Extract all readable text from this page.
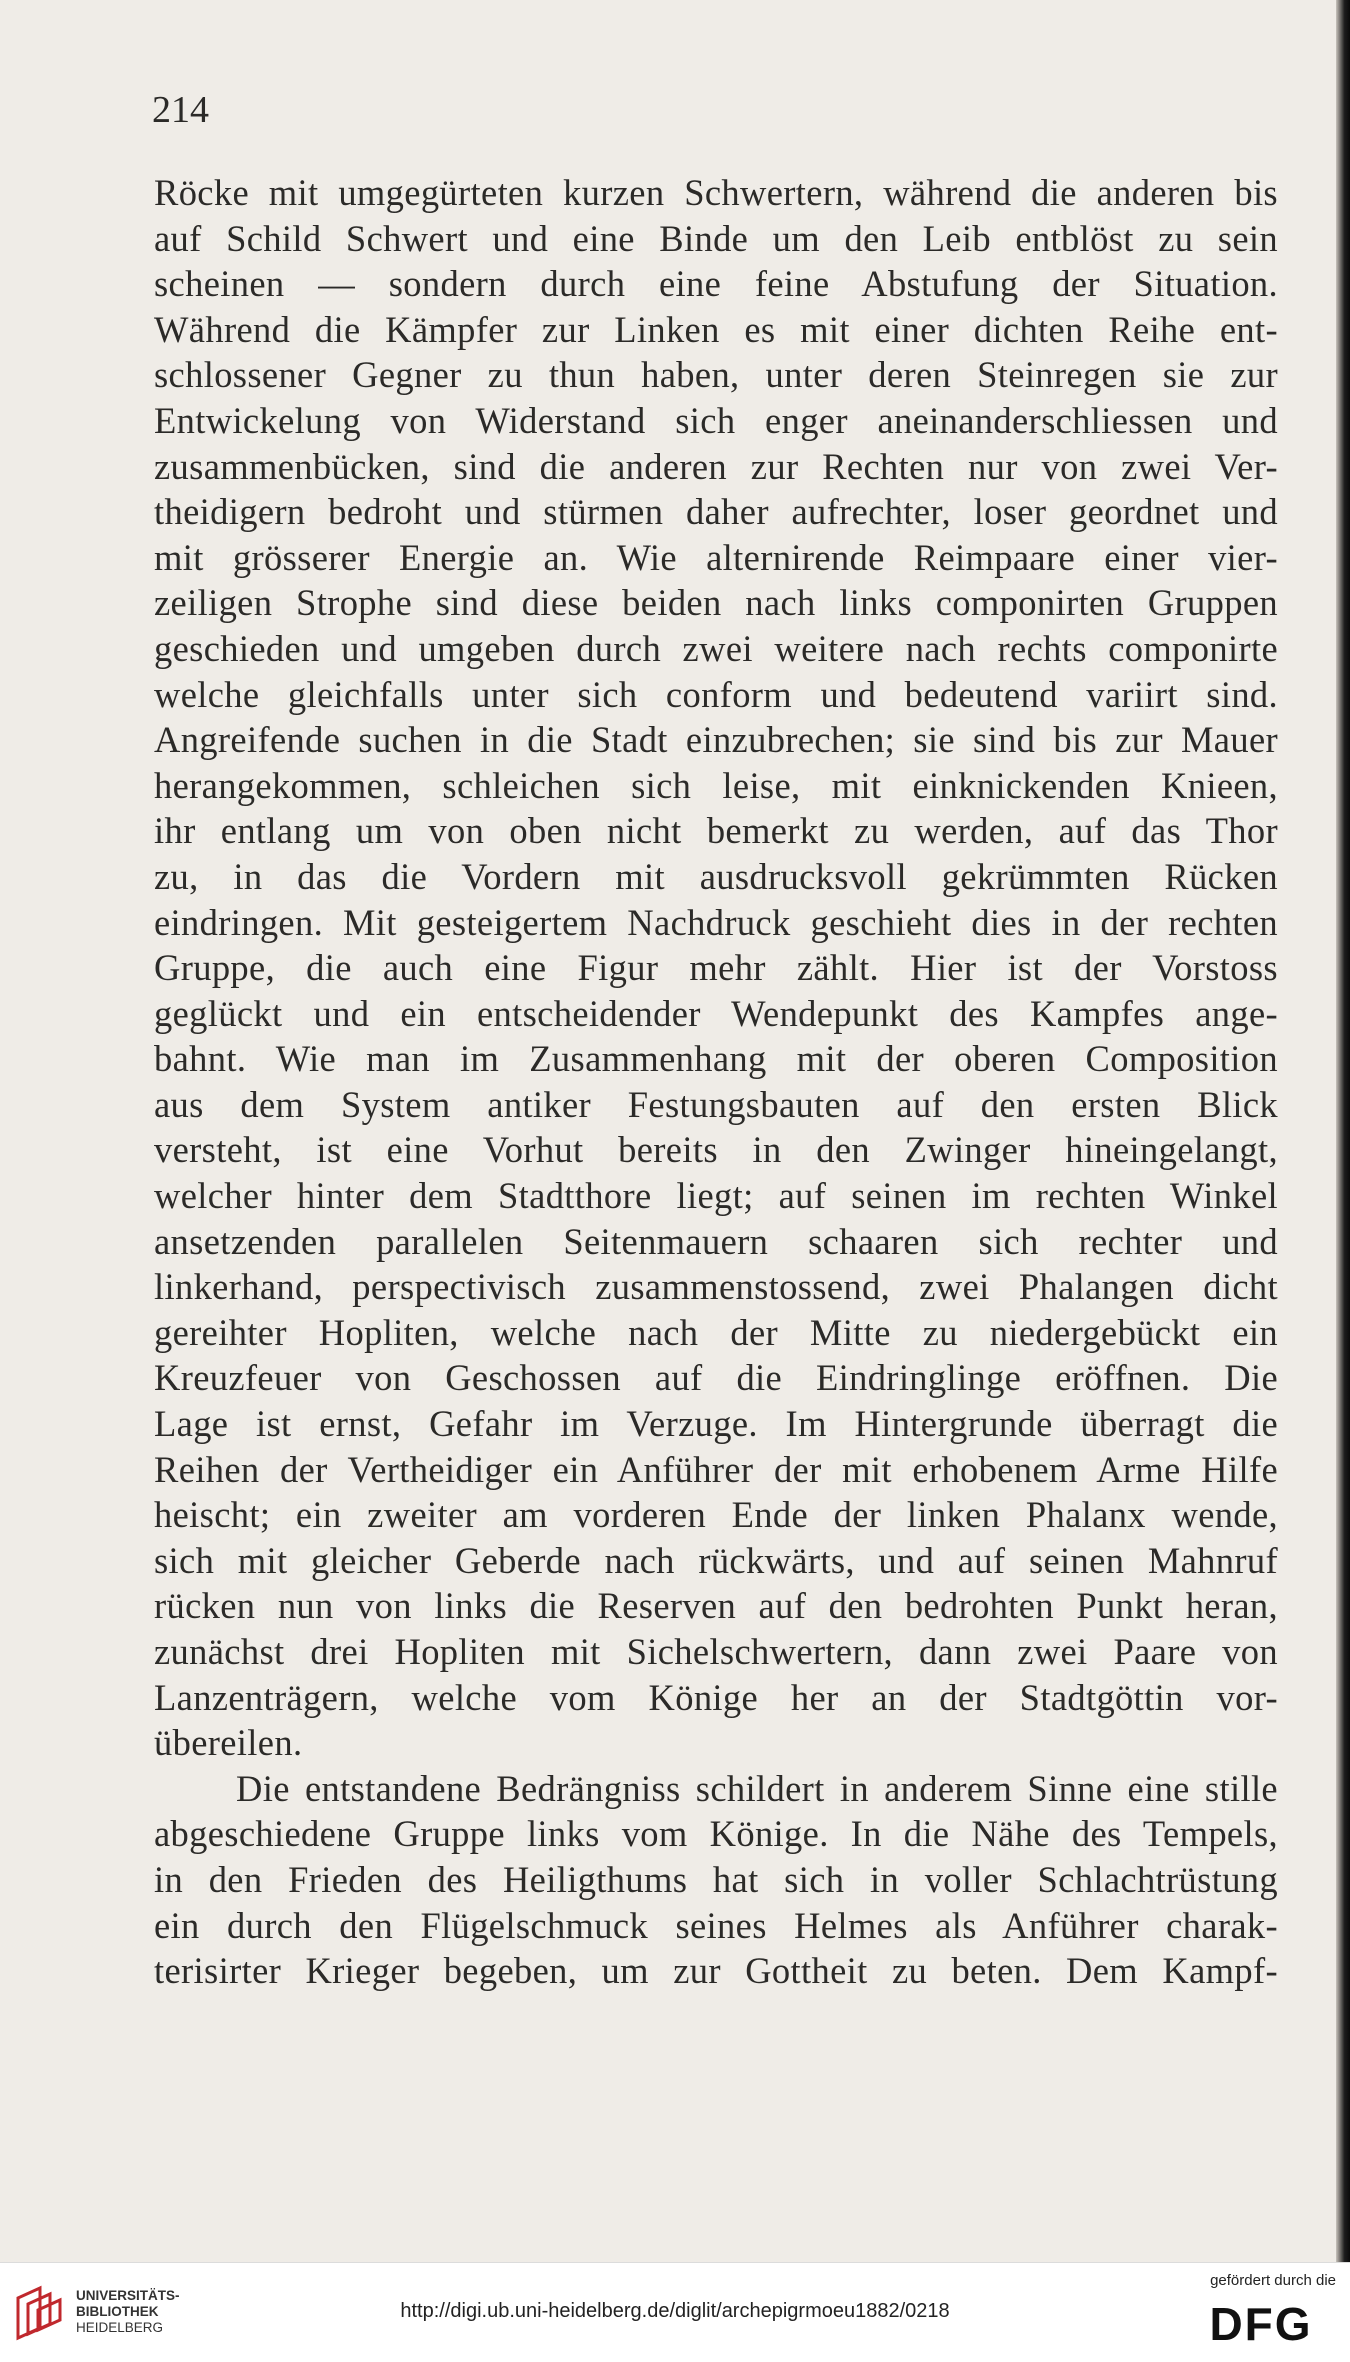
214
Röcke mit umgegürteten kurzen Schwertern, während die anderen bis
auf Schild Schwert und eine Binde um den Leib entblöst zu sein
scheinen — sondern durch eine feine Abstufung der Situation.
Während die Kämpfer zur Linken es mit einer dichten Reihe ent-
schlossener Gegner zu thun haben, unter deren Steinregen sie zur
Entwickelung von Widerstand sich enger aneinanderschliessen und
zusammenbücken, sind die anderen zur Rechten nur von zwei Ver-
theidigern bedroht und stürmen daher aufrechter, loser geordnet und
mit grösserer Energie an. Wie alternirende Reimpaare einer vier-
zeiligen Strophe sind diese beiden nach links componirten Gruppen
geschieden und umgeben durch zwei weitere nach rechts componirte
welche gleichfalls unter sich conform und bedeutend variirt sind.
Angreifende suchen in die Stadt einzubrechen; sie sind bis zur Mauer
herangekommen, schleichen sich leise, mit einknickenden Knieen,
ihr entlang um von oben nicht bemerkt zu werden, auf das Thor
zu, in das die Vordern mit ausdrucksvoll gekrümmten Rücken
eindringen. Mit gesteigertem Nachdruck geschieht dies in der rechten
Gruppe, die auch eine Figur mehr zählt. Hier ist der Vorstoss
geglückt und ein entscheidender Wendepunkt des Kampfes ange-
bahnt. Wie man im Zusammenhang mit der oberen Composition
aus dem System antiker Festungsbauten auf den ersten Blick
versteht, ist eine Vorhut bereits in den Zwinger hineingelangt,
welcher hinter dem Stadtthore liegt; auf seinen im rechten Winkel
ansetzenden parallelen Seitenmauern schaaren sich rechter und
linkerhand, perspectivisch zusammenstossend, zwei Phalangen dicht
gereihter Hopliten, welche nach der Mitte zu niedergebückt ein
Kreuzfeuer von Geschossen auf die Eindringlinge eröffnen. Die
Lage ist ernst, Gefahr im Verzuge. Im Hintergrunde überragt die
Reihen der Vertheidiger ein Anführer der mit erhobenem Arme Hilfe
heischt; ein zweiter am vorderen Ende der linken Phalanx wende,
sich mit gleicher Geberde nach rückwärts, und auf seinen Mahnruf
rücken nun von links die Reserven auf den bedrohten Punkt heran,
zunächst drei Hopliten mit Sichelschwertern, dann zwei Paare von
Lanzenträgern, welche vom Könige her an der Stadtgöttin vor-
übereilen.
Die entstandene Bedrängniss schildert in anderem Sinne eine stille
abgeschiedene Gruppe links vom Könige. In die Nähe des Tempels,
in den Frieden des Heiligthums hat sich in voller Schlachtrüstung
ein durch den Flügelschmuck seines Helmes als Anführer charak-
terisirter Krieger begeben, um zur Gottheit zu beten. Dem Kampf-
UNIVERSITÄTS-
BIBLIOTHEK
HEIDELBERG
http://digi.ub.uni-heidelberg.de/diglit/archepigrmoeu1882/0218
gefördert durch die
DFG
